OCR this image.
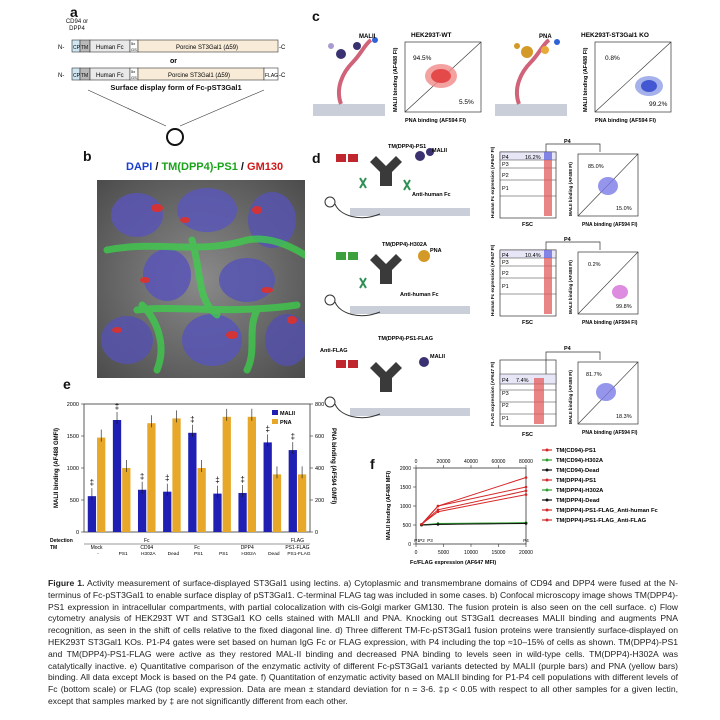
a
CD94 or DPP4
N- CP TM Human Fc
5x
GS	Porcine ST3Gal1 (Δ59)	-C
or
N- CP TM Human Fc
5x
GS	Porcine ST3Gal1 (Δ59)	FLAG -C
Surface display form of Fc-pST3Gal1
b
DAPI / TM(DPP4)-PS1 / GM130
c
MALII	HEK293T-WT
94.5%
5.5%
MALII binding (AF488 FI)
PNA binding (AF594 FI)
PNA	HEK293T-ST3Gal1 KO
0.8%
99.2%
MALII binding (AF488 FI)
PNA binding (AF594 FI)
d
TM(DPP4)-PS1
MALII
Anti-human Fc
P4
P3
P2
P1
16.2%
Human Fc expression (AF647 FI)
FSC
P4
85.0%
15.0%
MALII binding (AF488 FI)
PNA binding (AF594 FI)
TM(DPP4)-H302A
PNA
Anti-human Fc
P4
P3
P2
P1
10.4%
Human Fc expression (AF647 FI)
FSC
P4
0.2%
99.8%
MALII binding (AF488 FI)
PNA binding (AF594 FI)
TM(DPP4)-PS1-FLAG
Anti-FLAG
MALII
P4
P3
P2
P1
7.4%
FLAG expression (AF647 FI)
FSC
P4
81.7%
18.3%
MALII binding (AF488 FI)
PNA binding (AF594 FI)
e
0
500
1000
1500
2000
0
200
400
600
800
MALII binding (AF488 GMFI)	PNA binding (AF594 GMFI)
‡
‡
‡	‡
‡
‡	‡
‡
‡
-	PS1	H302A	Dead	PS1	PS1	H302A	Dead PS1-FLAG
MALII
PNA
Detection	Fc	FLAG
TM	Mock	CD94	Fc	DPP4	PS1-FLAG
f
0	5000	10000	15000	20000
0	20000	40000	60000	80000
0
500
1000
1500
2000
MALII binding (AF488 MFI)
Fc/FLAG expression (AF647 MFI)
P1 P2 P3	P4
TM(CD94)-PS1
TM(CD94)-H302A
TM(CD94)-Dead
TM(DPP4)-PS1
TM(DPP4)-H302A
TM(DPP4)-Dead
TM(DPP4)-PS1-FLAG_Anti-human Fc
TM(DPP4)-PS1-FLAG_Anti-FLAG
Figure 1. Activity measurement of surface-displayed ST3Gal1 using lectins. a) Cytoplasmic and transmembrane domains of CD94 and DPP4 were fused at the N-terminus of Fc-pST3Gal1 to enable surface display of pST3Gal1. C-terminal FLAG tag was included in some cases. b) Confocal microscopy image shows TM(DPP4)-PS1 expression in intracellular compartments, with partial colocalization with cis-Golgi marker GM130. The fusion protein is also seen on the cell surface. c) Flow cytometry analysis of HEK293T WT and ST3Gal1 KO cells stained with MALII and PNA. Knocking out ST3Gal1 decreases MALII binding and augments PNA recognition, as seen in the shift of cells relative to the fixed diagonal line. d) Three different TM-Fc-pST3Gal1 fusion proteins were transiently surface-displayed on HEK293T ST3Gal1 KOs. P1-P4 gates were set based on human IgG Fc or FLAG expression, with P4 including the top ≈10–15% of cells as shown. TM(DPP4)-PS1 and TM(DPP4)-PS1-FLAG were active as they restored MAL-II binding and decreased PNA binding to levels seen in wild-type cells. TM(DPP4)-H302A was catalytically inactive. e) Quantitative comparison of the enzymatic activity of different Fc-pST3Gal1 variants detected by MALII (purple bars) and PNA (yellow bars) binding. All data except Mock is based on the P4 gate. f) Quantitation of enzymatic activity based on MALII binding for P1-P4 cell populations with different levels of Fc (bottom scale) or FLAG (top scale) expression. Data are mean ± standard deviation for n = 3-6. ‡p < 0.05 with respect to all other samples for a given lectin, except that samples marked by ‡ are not significantly different from each other.
